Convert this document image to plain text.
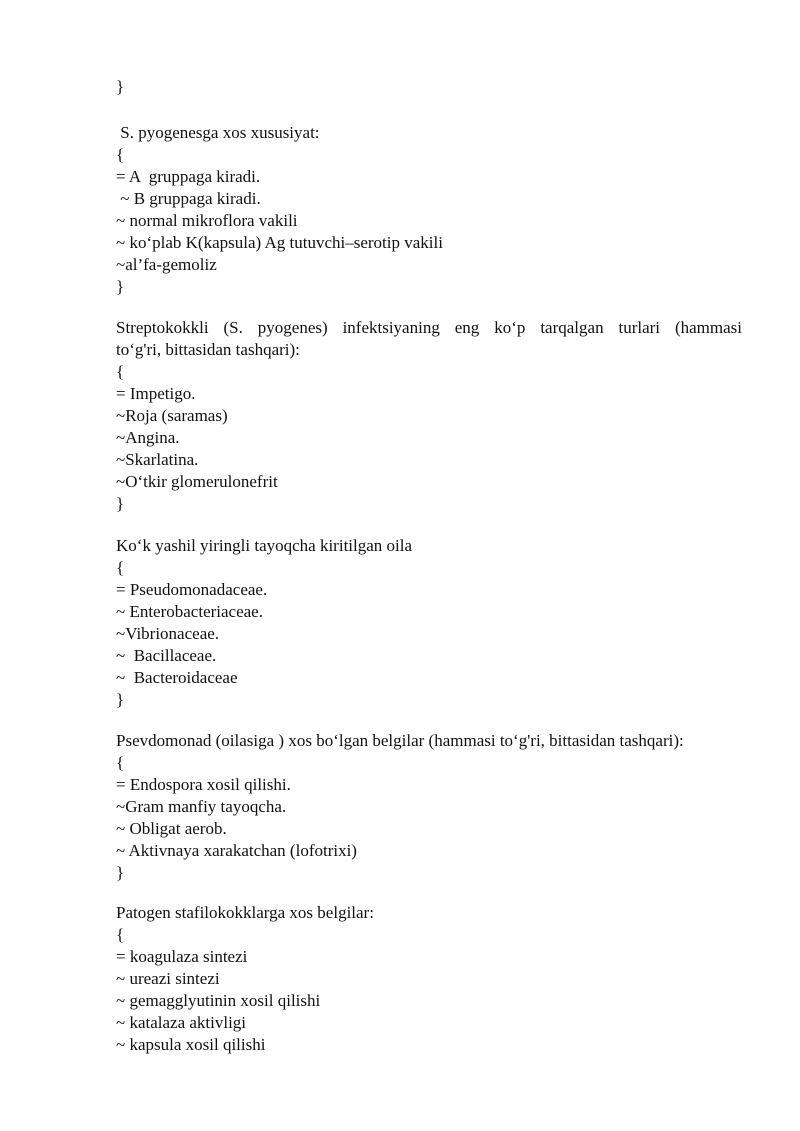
}
S. pyogenesga xos xususiyat:
{
= A  gruppaga kiradi.
~ B gruppaga kiradi.
~ normal mikroflora vakili
~ ko‘plab K(kapsula) Ag tutuvchi–serotip vakili
~al’fa-gemoliz
}
Streptokokkli (S. pyogenes) infektsiyaning eng ko‘p tarqalgan turlari (hammasi
to‘g'ri, bittasidan tashqari):
{
= Impetigo.
~Roja (saramas)
~Angina.
~Skarlatina.
~O‘tkir glomerulonefrit
}
Ko‘k yashil yiringli tayoqcha kiritilgan oila
{
= Pseudomonadaceae.
~ Enterobacteriaceae.
~Vibrionaceae.
~  Bacillaceae.
~  Bacteroidaceae
}
Psevdomonad (oilasiga ) xos bo‘lgan belgilar (hammasi to‘g'ri, bittasidan tashqari):
{
= Endospora xosil qilishi.
~Gram manfiy tayoqcha.
~ Obligat aerob.
~ Aktivnaya xarakatchan (lofotrixi)
}
Patogen stafilokokklarga xos belgilar:
{
= koagulaza sintezi
~ ureazi sintezi
~ gemagglyutinin xosil qilishi
~ katalaza aktivligi
~ kapsula xosil qilishi
